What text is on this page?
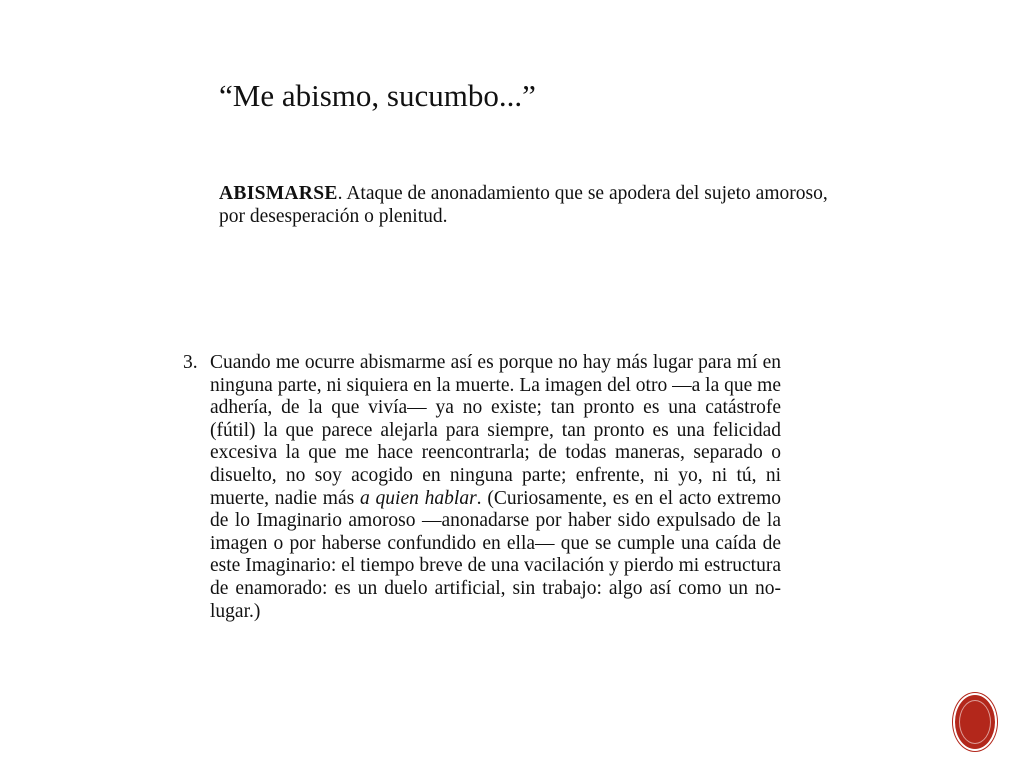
“Me abismo, sucumbo...”

ABISMARSE. Ataque de anonadamiento que se apodera del sujeto amoroso, por desesperación o plenitud.

3. Cuando me ocurre abismarme así es porque no hay más lugar para mí en ninguna parte, ni siquiera en la muerte. La imagen del otro —a la que me adhería, de la que vivía— ya no existe; tan pronto es una catástrofe (fútil) la que parece alejarla para siempre, tan pronto es una felicidad excesiva la que me hace reencontrarla; de todas maneras, separado o disuelto, no soy acogido en ninguna parte; enfrente, ni yo, ni tú, ni muerte, nadie más a quien hablar. (Curiosamente, es en el acto extremo de lo Imaginario amoroso —anonadarse por haber sido expulsado de la imagen o por haberse confundido en ella— que se cumple una caída de este Imaginario: el tiempo breve de una vacilación y pierdo mi estructura de enamorado: es un duelo artificial, sin trabajo: algo así como un no-lugar.)
